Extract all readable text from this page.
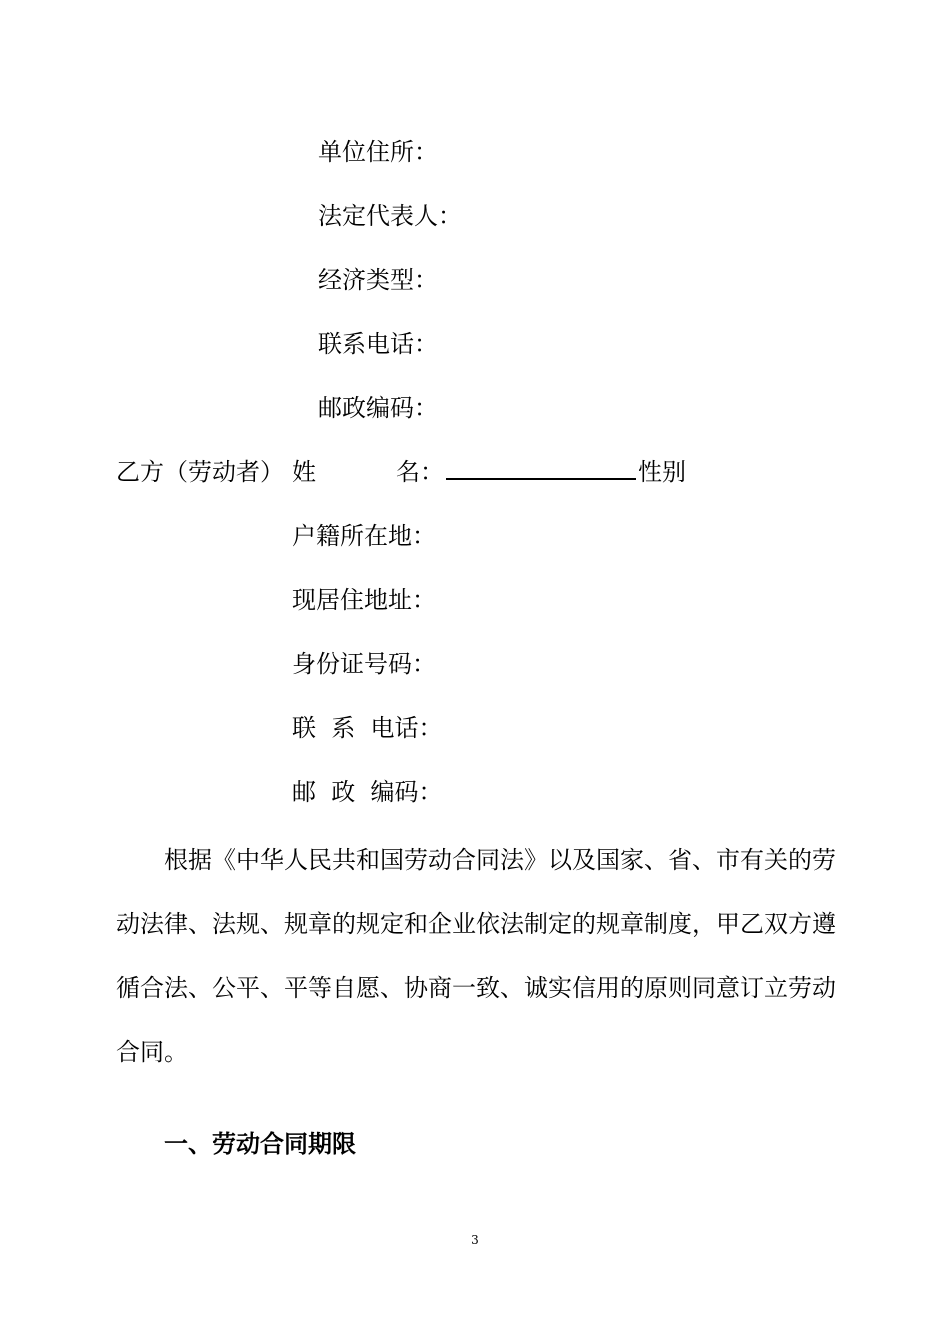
单位住所：
法定代表人：
经济类型：
联系电话：
邮政编码：
乙方（劳动者） 姓	名：	性别
户籍所在地：
现居住地址：
身份证号码：
联  系  电话：
邮  政  编码：
根据《中华人民共和国劳动合同法》以及国家、省、市有关的劳动法律、法规、规章的规定和企业依法制定的规章制度，甲乙双方遵循合法、公平、平等自愿、协商一致、诚实信用的原则同意订立劳动合同。
一、劳动合同期限
3
